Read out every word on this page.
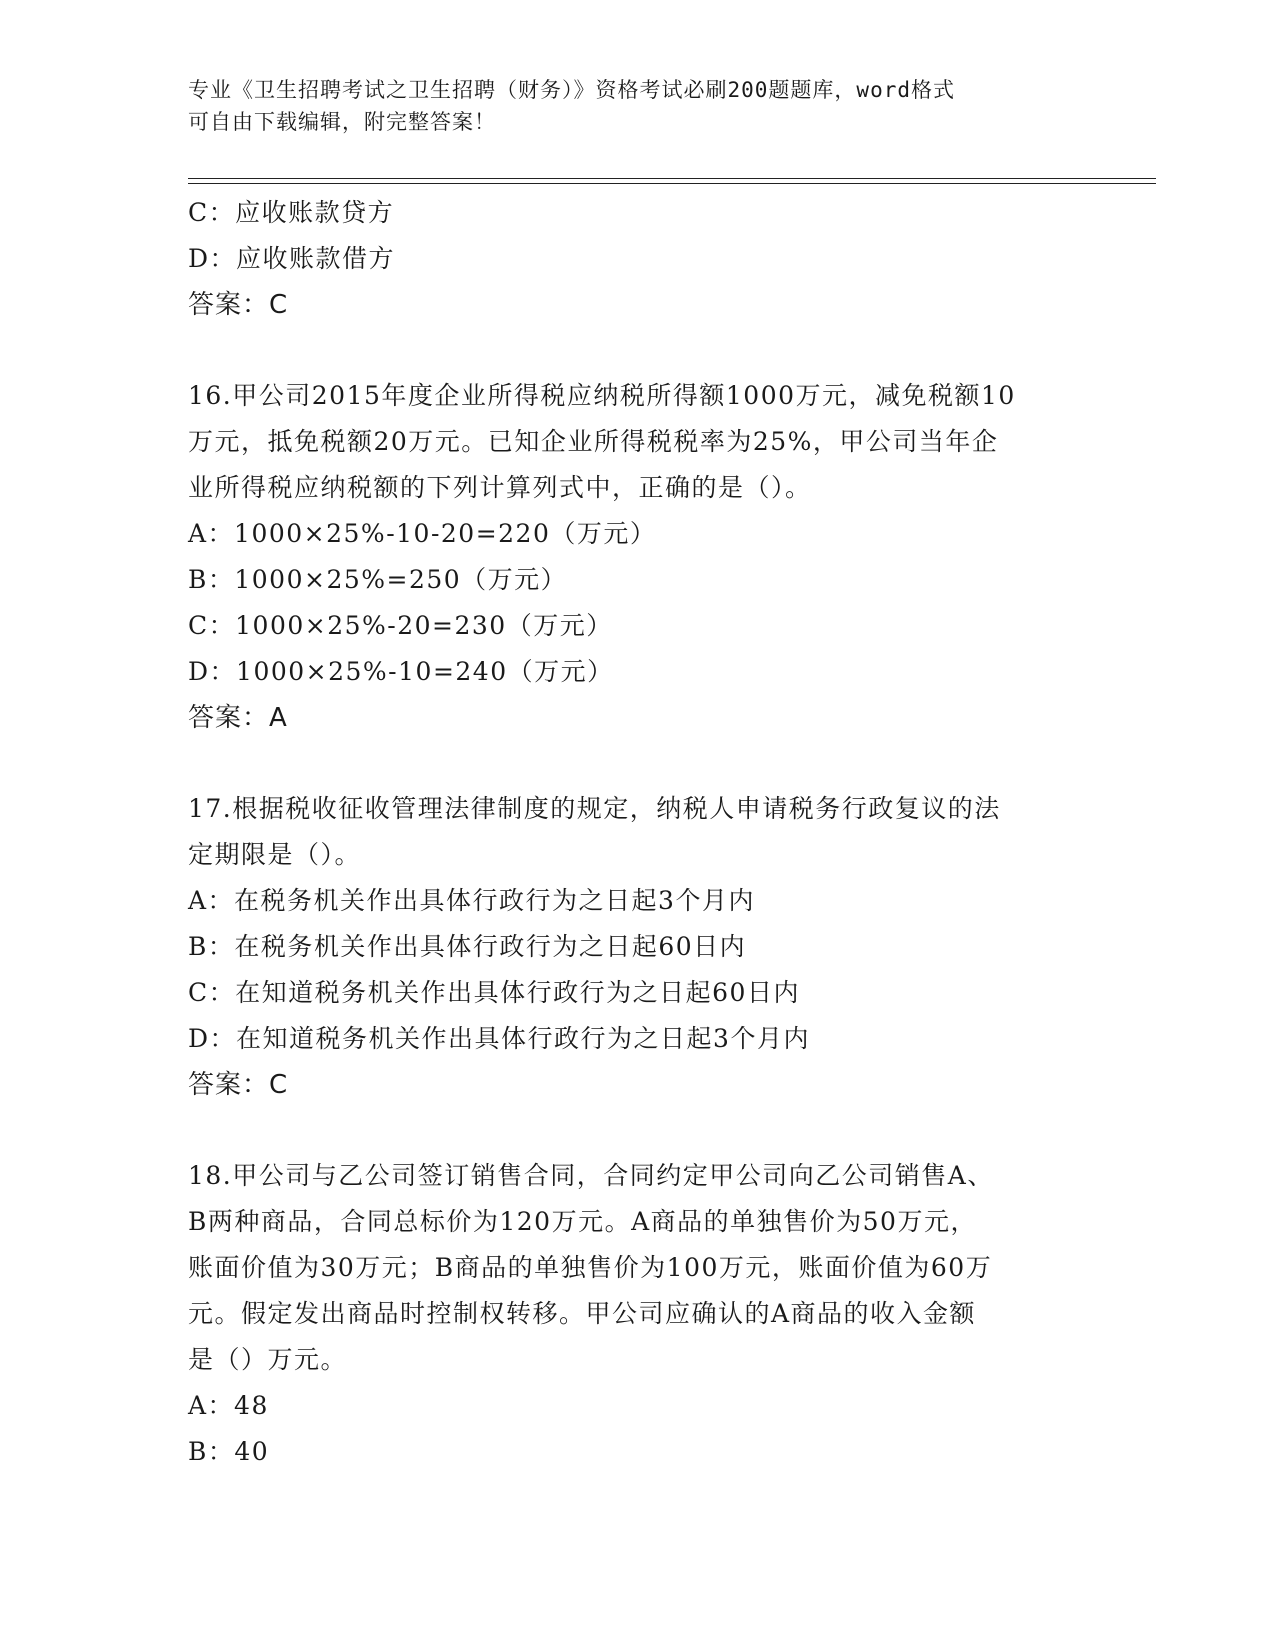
专业《卫生招聘考试之卫生招聘（财务）》资格考试必刷200题题库，word格式
可自由下载编辑，附完整答案！
C：应收账款贷方
D：应收账款借方
答案：C
16.甲公司2015年度企业所得税应纳税所得额1000万元，减免税额10
万元，抵免税额20万元。已知企业所得税税率为25%，甲公司当年企
业所得税应纳税额的下列计算列式中，正确的是（）。
A：1000×25%-10-20=220（万元）
B：1000×25%=250（万元）
C：1000×25%-20=230（万元）
D：1000×25%-10=240（万元）
答案：A
17.根据税收征收管理法律制度的规定，纳税人申请税务行政复议的法
定期限是（）。
A：在税务机关作出具体行政行为之日起3个月内
B：在税务机关作出具体行政行为之日起60日内
C：在知道税务机关作出具体行政行为之日起60日内
D：在知道税务机关作出具体行政行为之日起3个月内
答案：C
18.甲公司与乙公司签订销售合同，合同约定甲公司向乙公司销售A、
B两种商品，合同总标价为120万元。A商品的单独售价为50万元，
账面价值为30万元；B商品的单独售价为100万元，账面价值为60万
元。假定发出商品时控制权转移。甲公司应确认的A商品的收入金额
是（）万元。
A：48
B：40
